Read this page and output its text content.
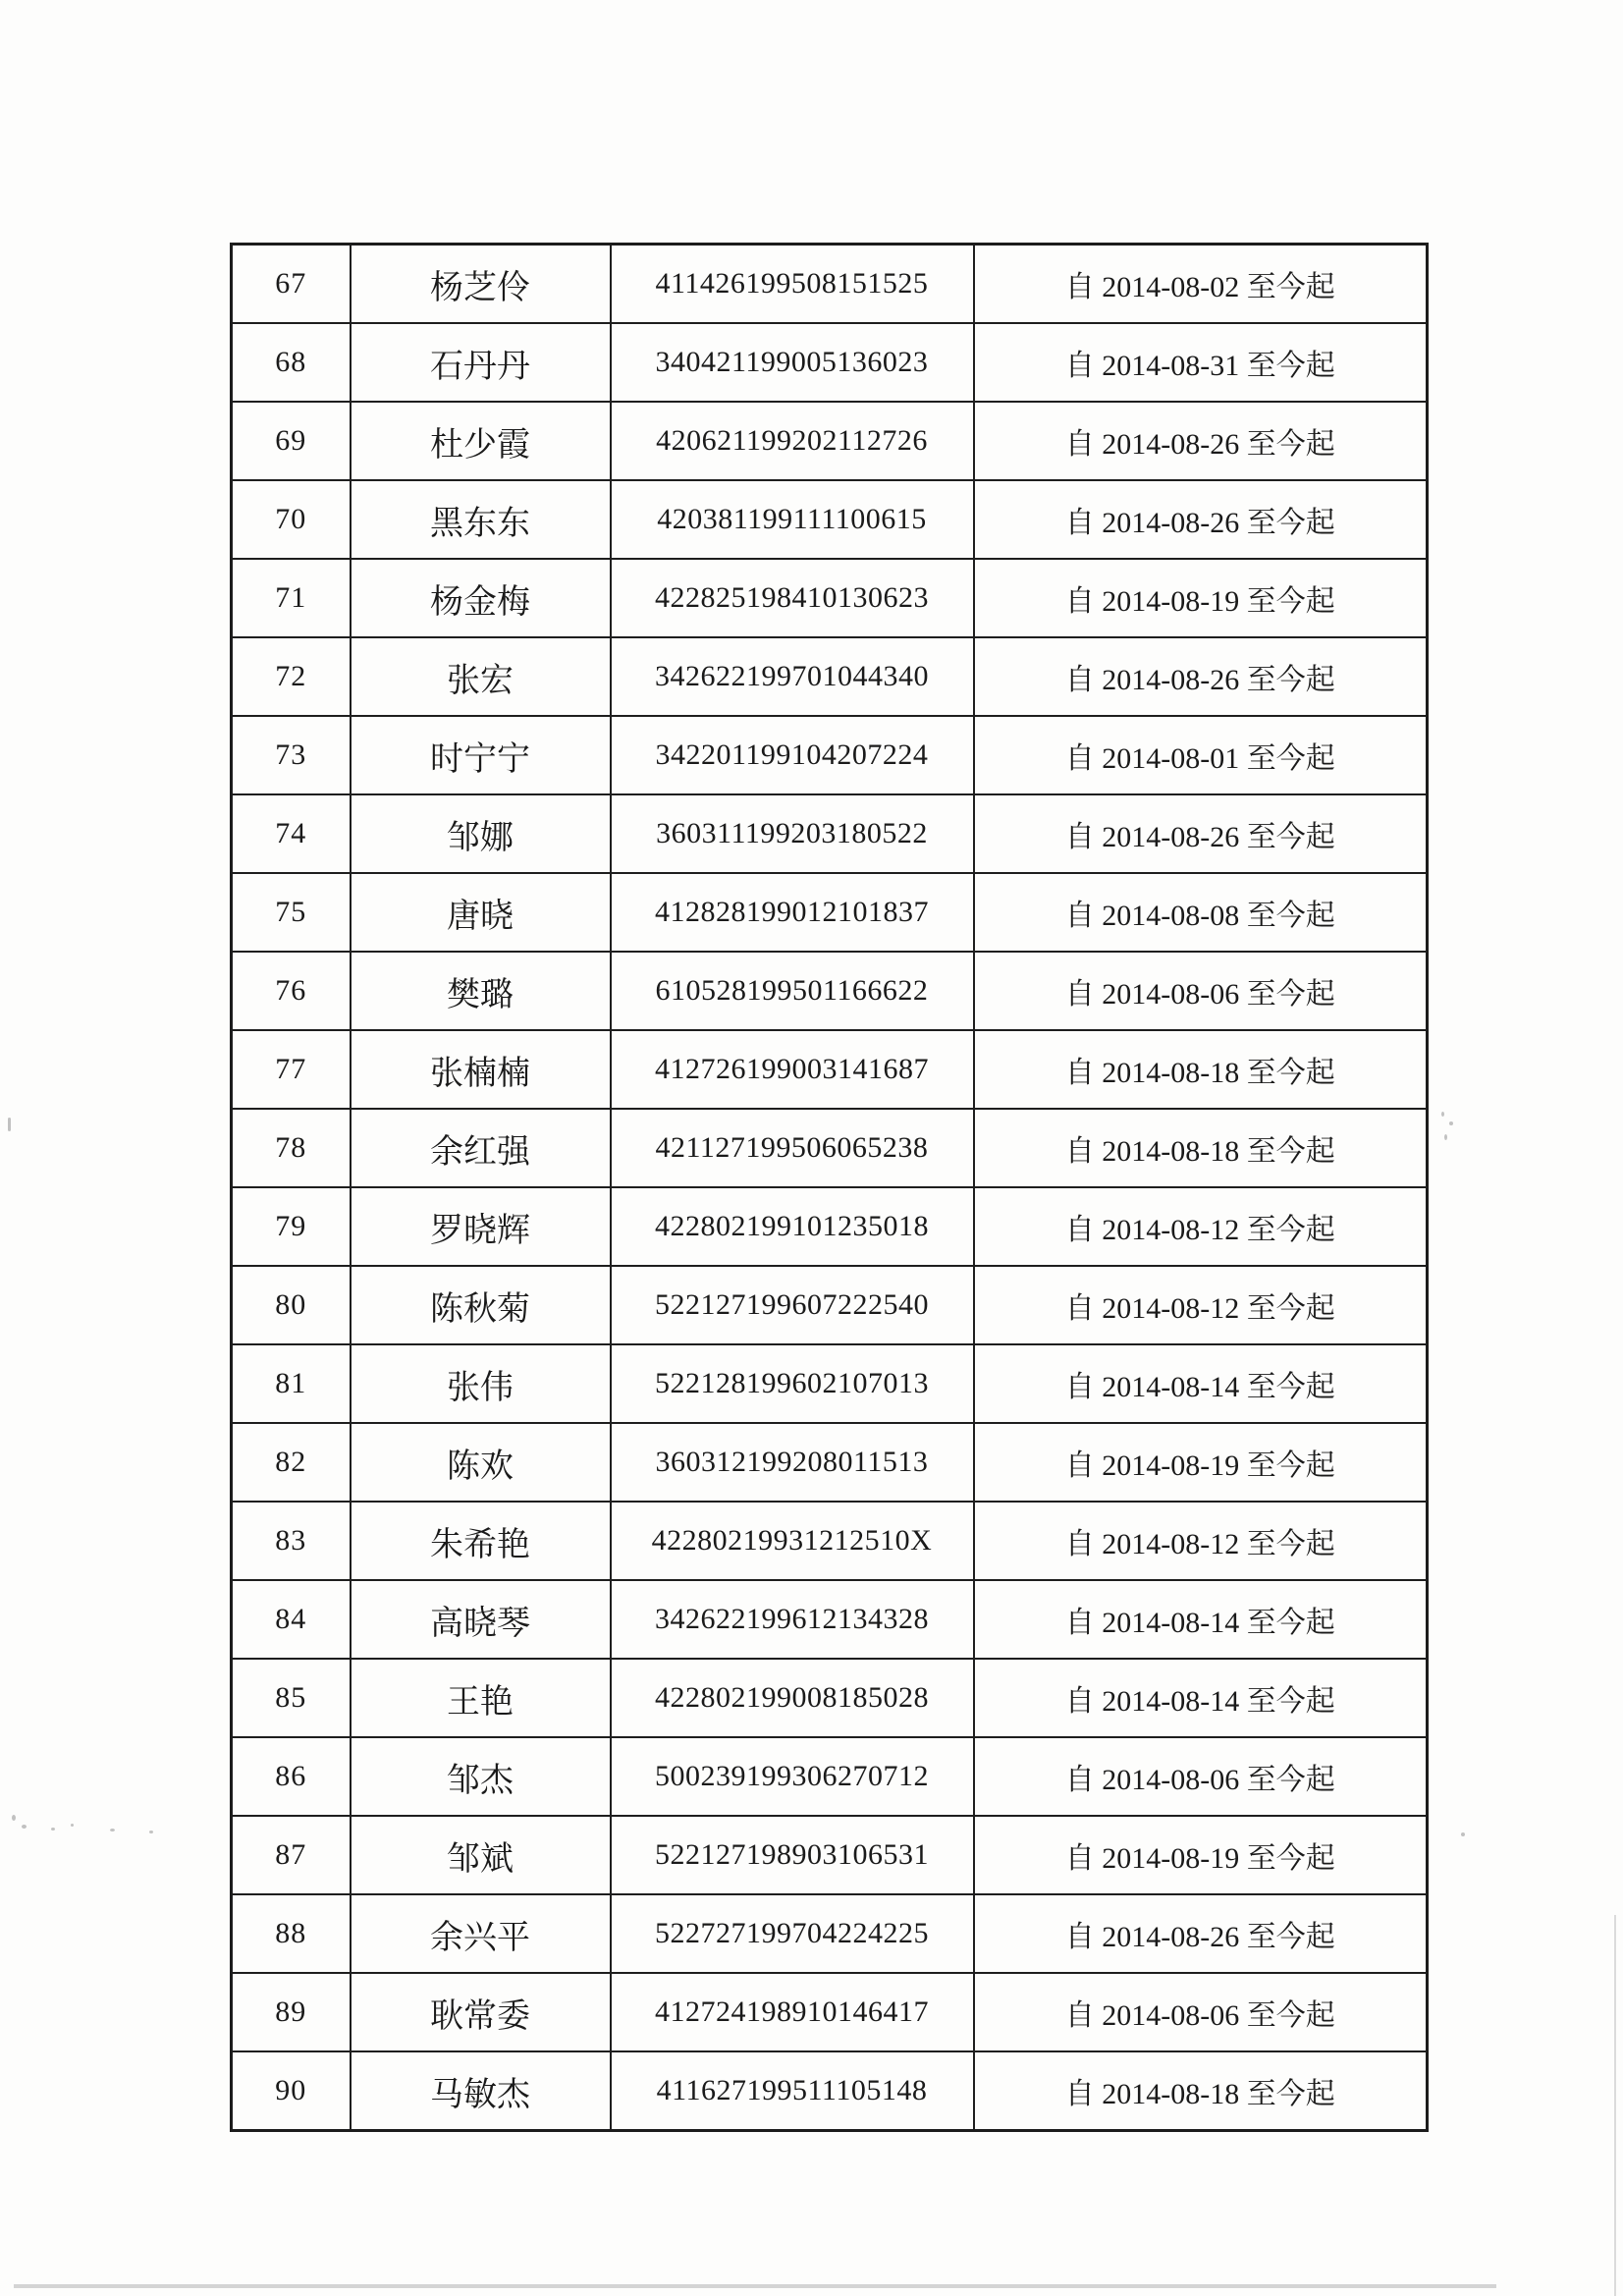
67	杨芝伶	411426199508151525	自 2014-08-02 至今起
68	石丹丹	340421199005136023	自 2014-08-31 至今起
69	杜少霞	420621199202112726	自 2014-08-26 至今起
70	黑东东	420381199111100615	自 2014-08-26 至今起
71	杨金梅	422825198410130623	自 2014-08-19 至今起
72	张宏	342622199701044340	自 2014-08-26 至今起
73	时宁宁	342201199104207224	自 2014-08-01 至今起
74	邹娜	360311199203180522	自 2014-08-26 至今起
75	唐晓	412828199012101837	自 2014-08-08 至今起
76	樊璐	610528199501166622	自 2014-08-06 至今起
77	张楠楠	412726199003141687	自 2014-08-18 至今起
78	余红强	421127199506065238	自 2014-08-18 至今起
79	罗晓辉	422802199101235018	自 2014-08-12 至今起
80	陈秋菊	522127199607222540	自 2014-08-12 至今起
81	张伟	522128199602107013	自 2014-08-14 至今起
82	陈欢	360312199208011513	自 2014-08-19 至今起
83	朱希艳	42280219931212510X	自 2014-08-12 至今起
84	高晓琴	342622199612134328	自 2014-08-14 至今起
85	王艳	422802199008185028	自 2014-08-14 至今起
86	邹杰	500239199306270712	自 2014-08-06 至今起
87	邹斌	522127198903106531	自 2014-08-19 至今起
88	余兴平	522727199704224225	自 2014-08-26 至今起
89	耿常委	412724198910146417	自 2014-08-06 至今起
90	马敏杰	411627199511105148	自 2014-08-18 至今起
